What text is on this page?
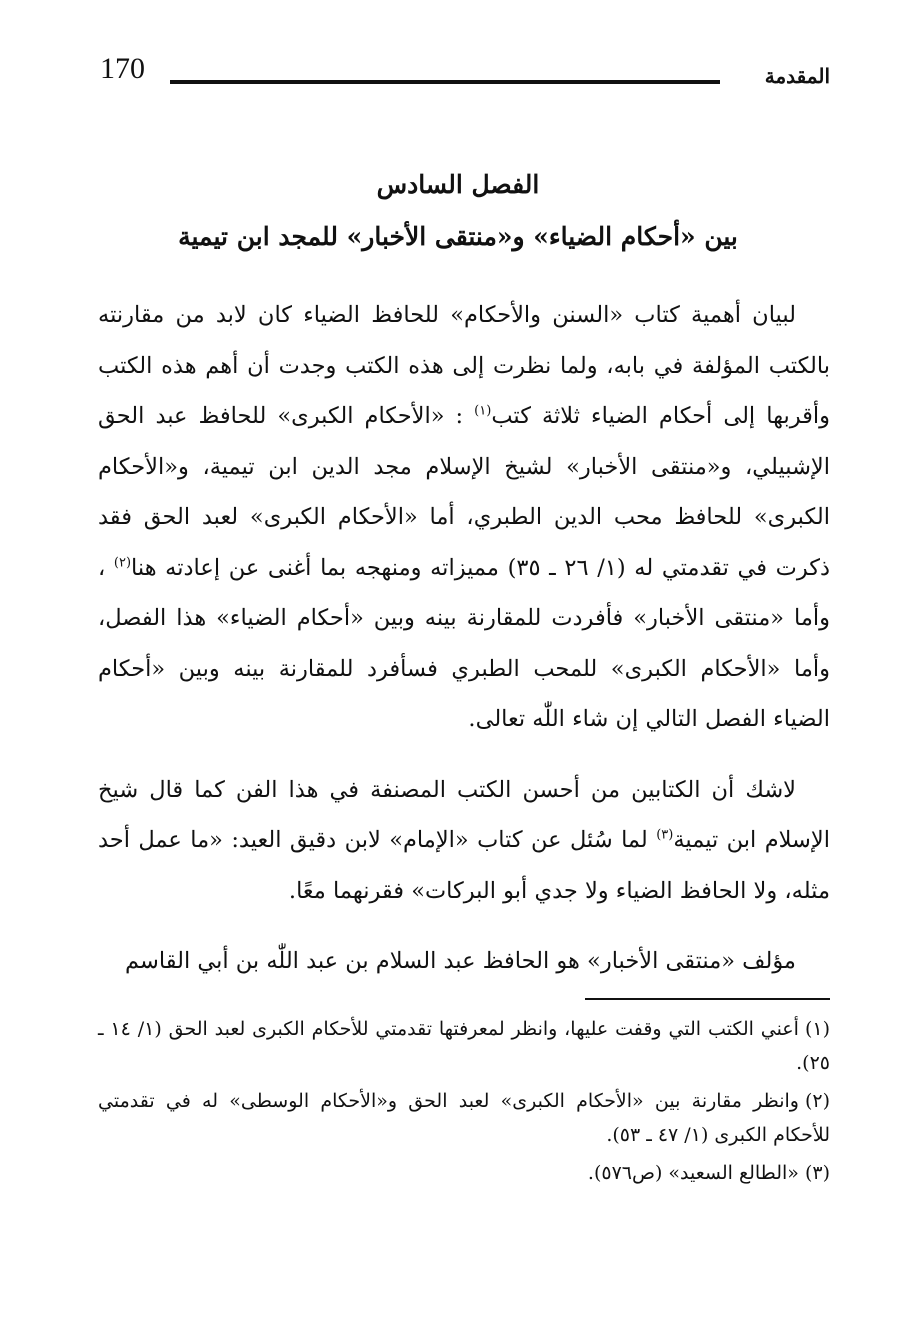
170	المقدمة
الفصل السادس
بين «أحكام الضياء» و«منتقى الأخبار» للمجد ابن تيمية

لبيان أهمية كتاب «السنن والأحكام» للحافظ الضياء كان لابد من مقارنته بالكتب المؤلفة في بابه، ولما نظرت إلى هذه الكتب وجدت أن أهم هذه الكتب وأقربها إلى أحكام الضياء ثلاثة كتب$^{(١)}$ : «الأحكام الكبرى» للحافظ عبد الحق الإشبيلي، و«منتقى الأخبار» لشيخ الإسلام مجد الدين ابن تيمية، و«الأحكام الكبرى» للحافظ محب الدين الطبري، أما «الأحكام الكبرى» لعبد الحق فقد ذكرت في تقدمتي له (١/ ٢٦ ـ ٣٥) مميزاته ومنهجه بما أغنى عن إعادته هنا$^{(٢)}$ ، وأما «منتقى الأخبار» فأفردت للمقارنة بينه وبين «أحكام الضياء» هذا الفصل، وأما «الأحكام الكبرى» للمحب الطبري فسأفرد للمقارنة بينه وبين «أحكام الضياء الفصل التالي إن شاء اللّٰه تعالى.

لاشك أن الكتابين من أحسن الكتب المصنفة في هذا الفن كما قال شيخ الإسلام ابن تيمية$^{(٣)}$ لما سُئل عن كتاب «الإمام» لابن دقيق العيد: «ما عمل أحد مثله، ولا الحافظ الضياء ولا جدي أبو البركات» فقرنهما معًا.

مؤلف «منتقى الأخبار» هو الحافظ عبد السلام بن عبد اللّٰه بن أبي القاسم

(١)أعني الكتب التي وقفت عليها، وانظر لمعرفتها تقدمتي للأحكام الكبرى لعبد الحق (١/ ١٤ ـ ٢٥).
(٢)وانظر مقارنة بين «الأحكام الكبرى» لعبد الحق و«الأحكام الوسطى» له في تقدمتي للأحكام الكبرى (١/ ٤٧ ـ ٥٣).
(٣)«الطالع السعيد» (ص٥٧٦).
